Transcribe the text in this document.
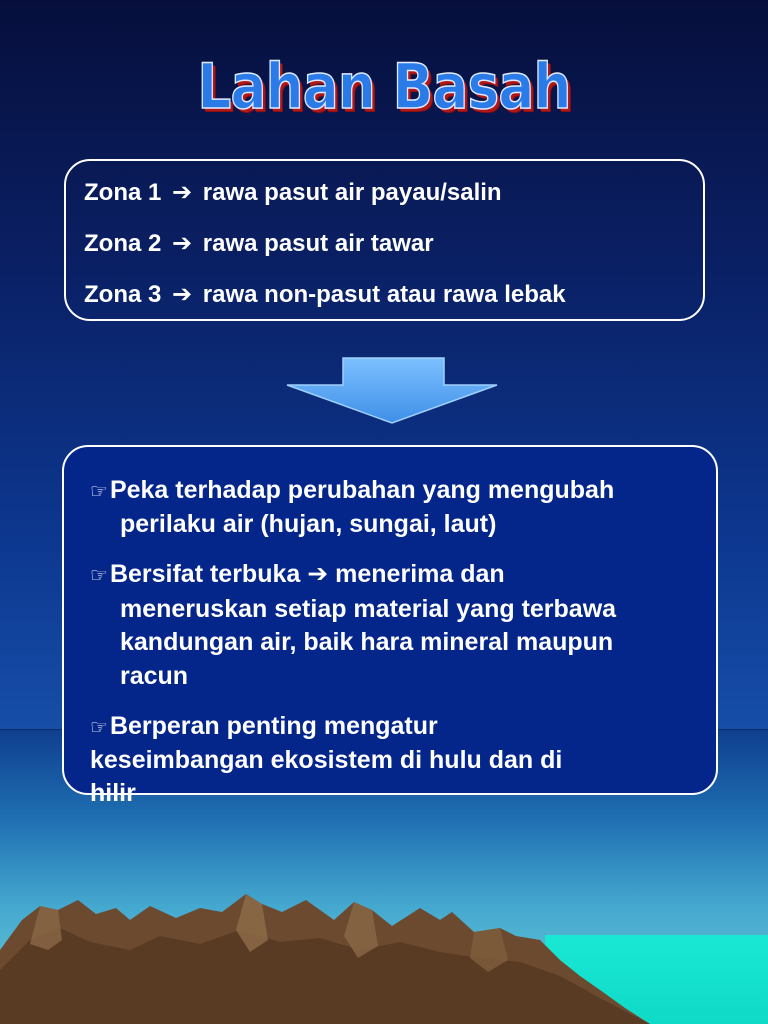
Lahan Basah
Zona 1 ➔ rawa pasut air payau/salin
Zona 2 ➔ rawa pasut air tawar
Zona 3 ➔ rawa non-pasut atau rawa lebak
☞Peka terhadap perubahan yang mengubah
perilaku air (hujan, sungai, laut)
☞Bersifat terbuka ➔ menerima dan
meneruskan setiap material yang terbawa
kandungan air, baik hara mineral maupun
racun
☞Berperan penting mengatur
keseimbangan ekosistem di hulu dan di
hilir
